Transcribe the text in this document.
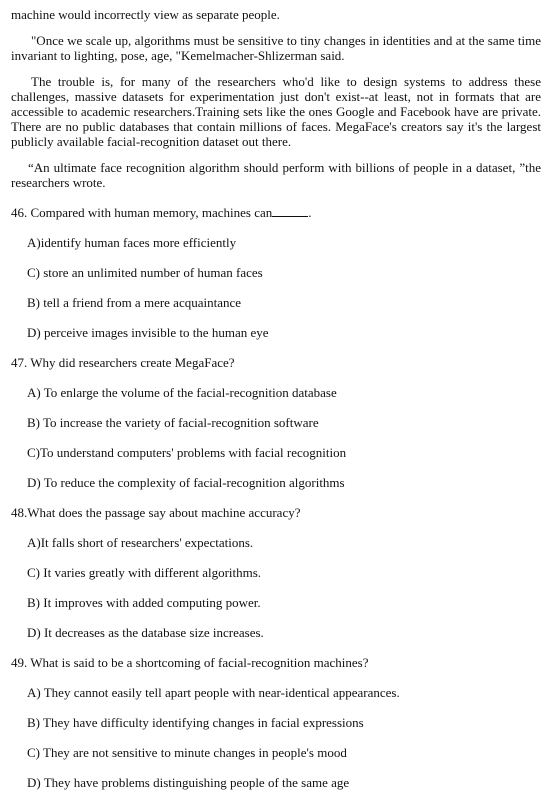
machine would incorrectly view as separate people.

"Once we scale up, algorithms must be sensitive to tiny changes in identities and at the same time invariant to lighting, pose, age, "Kemelmacher-Shlizerman said.

The trouble is, for many of the researchers who'd like to design systems to address these challenges, massive datasets for experimentation just don't exist--at least, not in formats that are accessible to academic researchers.Training sets like the ones Google and Facebook have are private. There are no public databases that contain millions of faces. MegaFace's creators say it's the largest publicly available facial-recognition dataset out there.

“An ultimate face recognition algorithm should perform with billions of people in a dataset, ”the researchers wrote.

46. Compared with human memory, machines can	.

A)identify human faces more efficiently

C) store an unlimited number of human faces

B) tell a friend from a mere acquaintance

D) perceive images invisible to the human eye

47. Why did researchers create MegaFace?

A) To enlarge the volume of the facial-recognition database

B) To increase the variety of facial-recognition software

C)To understand computers' problems with facial recognition

D) To reduce the complexity of facial-recognition algorithms

48.What does the passage say about machine accuracy?

A)It falls short of researchers' expectations.

C) It varies greatly with different algorithms.

B) It improves with added computing power.

D) It decreases as the database size increases.

49. What is said to be a shortcoming of facial-recognition machines?

A) They cannot easily tell apart people with near-identical appearances.

B) They have difficulty identifying changes in facial expressions

C) They are not sensitive to minute changes in people's mood

D) They have problems distinguishing people of the same age
